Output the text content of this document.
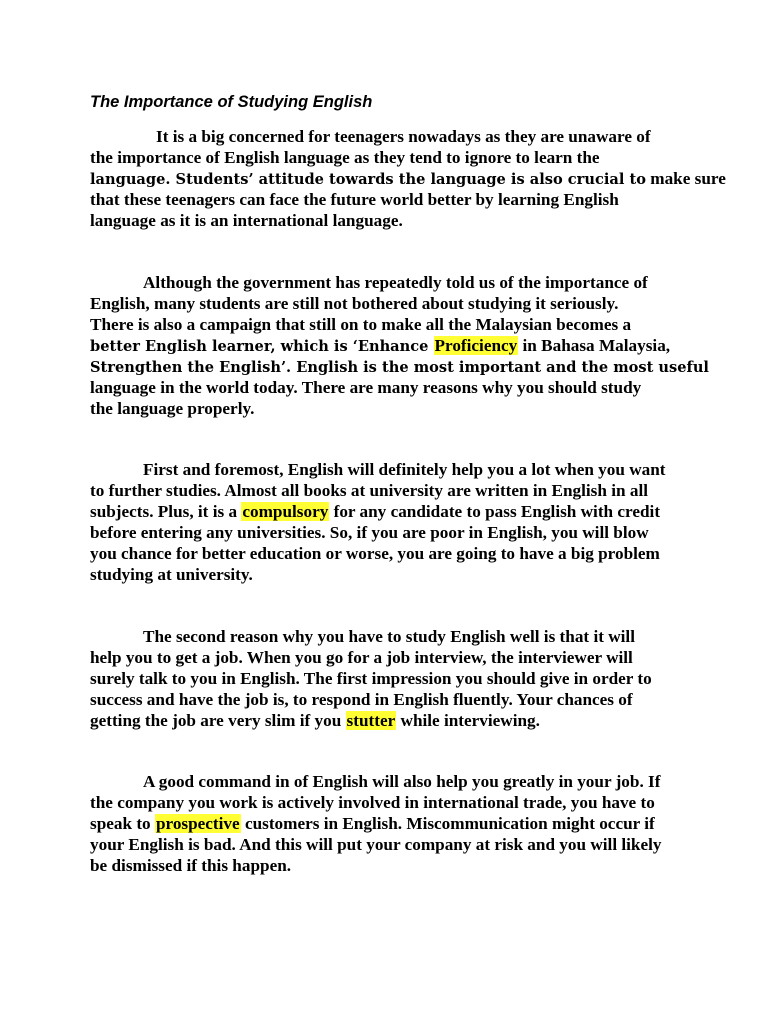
The Importance of Studying English
It is a big concerned for teenagers nowadays as they are unaware of
the importance of English language as they tend to ignore to learn the
language. Students’ attitude towards the language is also crucial to make sure
that these teenagers can face the future world better by learning English
language as it is an international language.
Although the government has repeatedly told us of the importance of
English, many students are still not bothered about studying it seriously.
There is also a campaign that still on to make all the Malaysian becomes a
better English learner, which is ‘Enhance Proficiency in Bahasa Malaysia,
Strengthen the English’. English is the most important and the most useful
language in the world today. There are many reasons why you should study
the language properly.
First and foremost, English will definitely help you a lot when you want
to further studies. Almost all books at university are written in English in all
subjects. Plus, it is a compulsory for any candidate to pass English with credit
before entering any universities. So, if you are poor in English, you will blow
you chance for better education or worse, you are going to have a big problem
studying at university.
The second reason why you have to study English well is that it will
help you to get a job. When you go for a job interview, the interviewer will
surely talk to you in English. The first impression you should give in order to
success and have the job is, to respond in English fluently. Your chances of
getting the job are very slim if you stutter while interviewing.
A good command in of English will also help you greatly in your job. If
the company you work is actively involved in international trade, you have to
speak to prospective customers in English. Miscommunication might occur if
your English is bad. And this will put your company at risk and you will likely
be dismissed if this happen.
